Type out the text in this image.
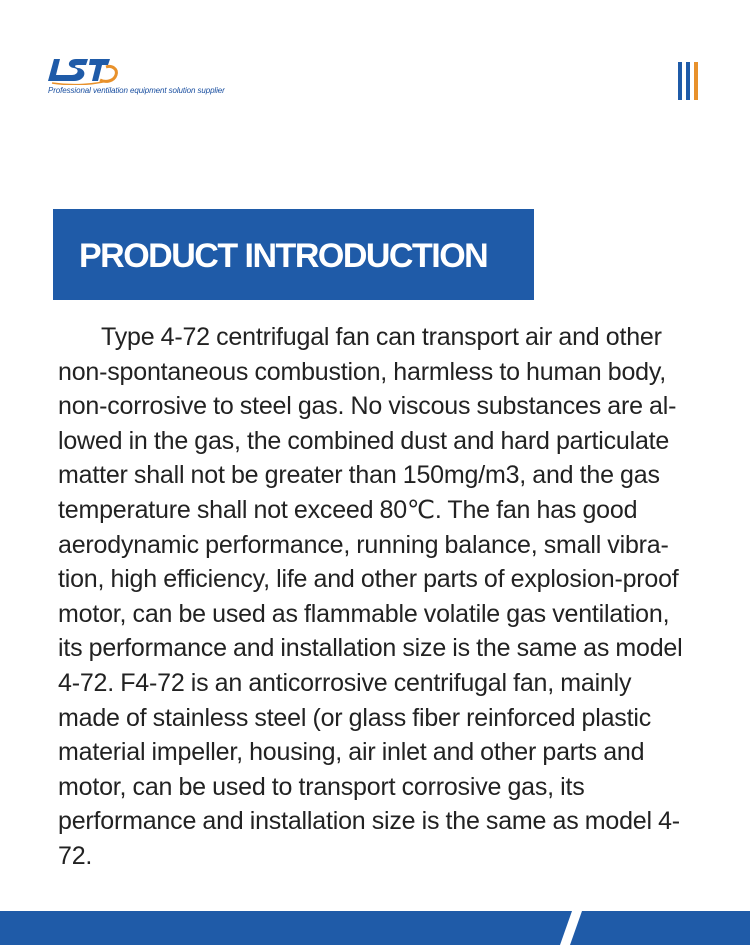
Professional ventilation equipment solution supplier
PRODUCT INTRODUCTION

Type 4-72 centrifugal fan can transport air and other non-spontaneous combustion, harmless to human body, non-corrosive to steel gas. No viscous substances are allowed in the gas, the combined dust and hard particulate matter shall not be greater than 150mg/m3, and the gas temperature shall not exceed 80℃. The fan has good aerodynamic performance, running balance, small vibration, high efficiency, life and other parts of explosion-proof motor, can be used as flammable volatile gas ventilation, its performance and installation size is the same as model 4-72. F4-72 is an anticorrosive centrifugal fan, mainly made of stainless steel (or glass fiber reinforced plastic material impeller, housing, air inlet and other parts and motor, can be used to transport corrosive gas, its performance and installation size is the same as model 4-72.
